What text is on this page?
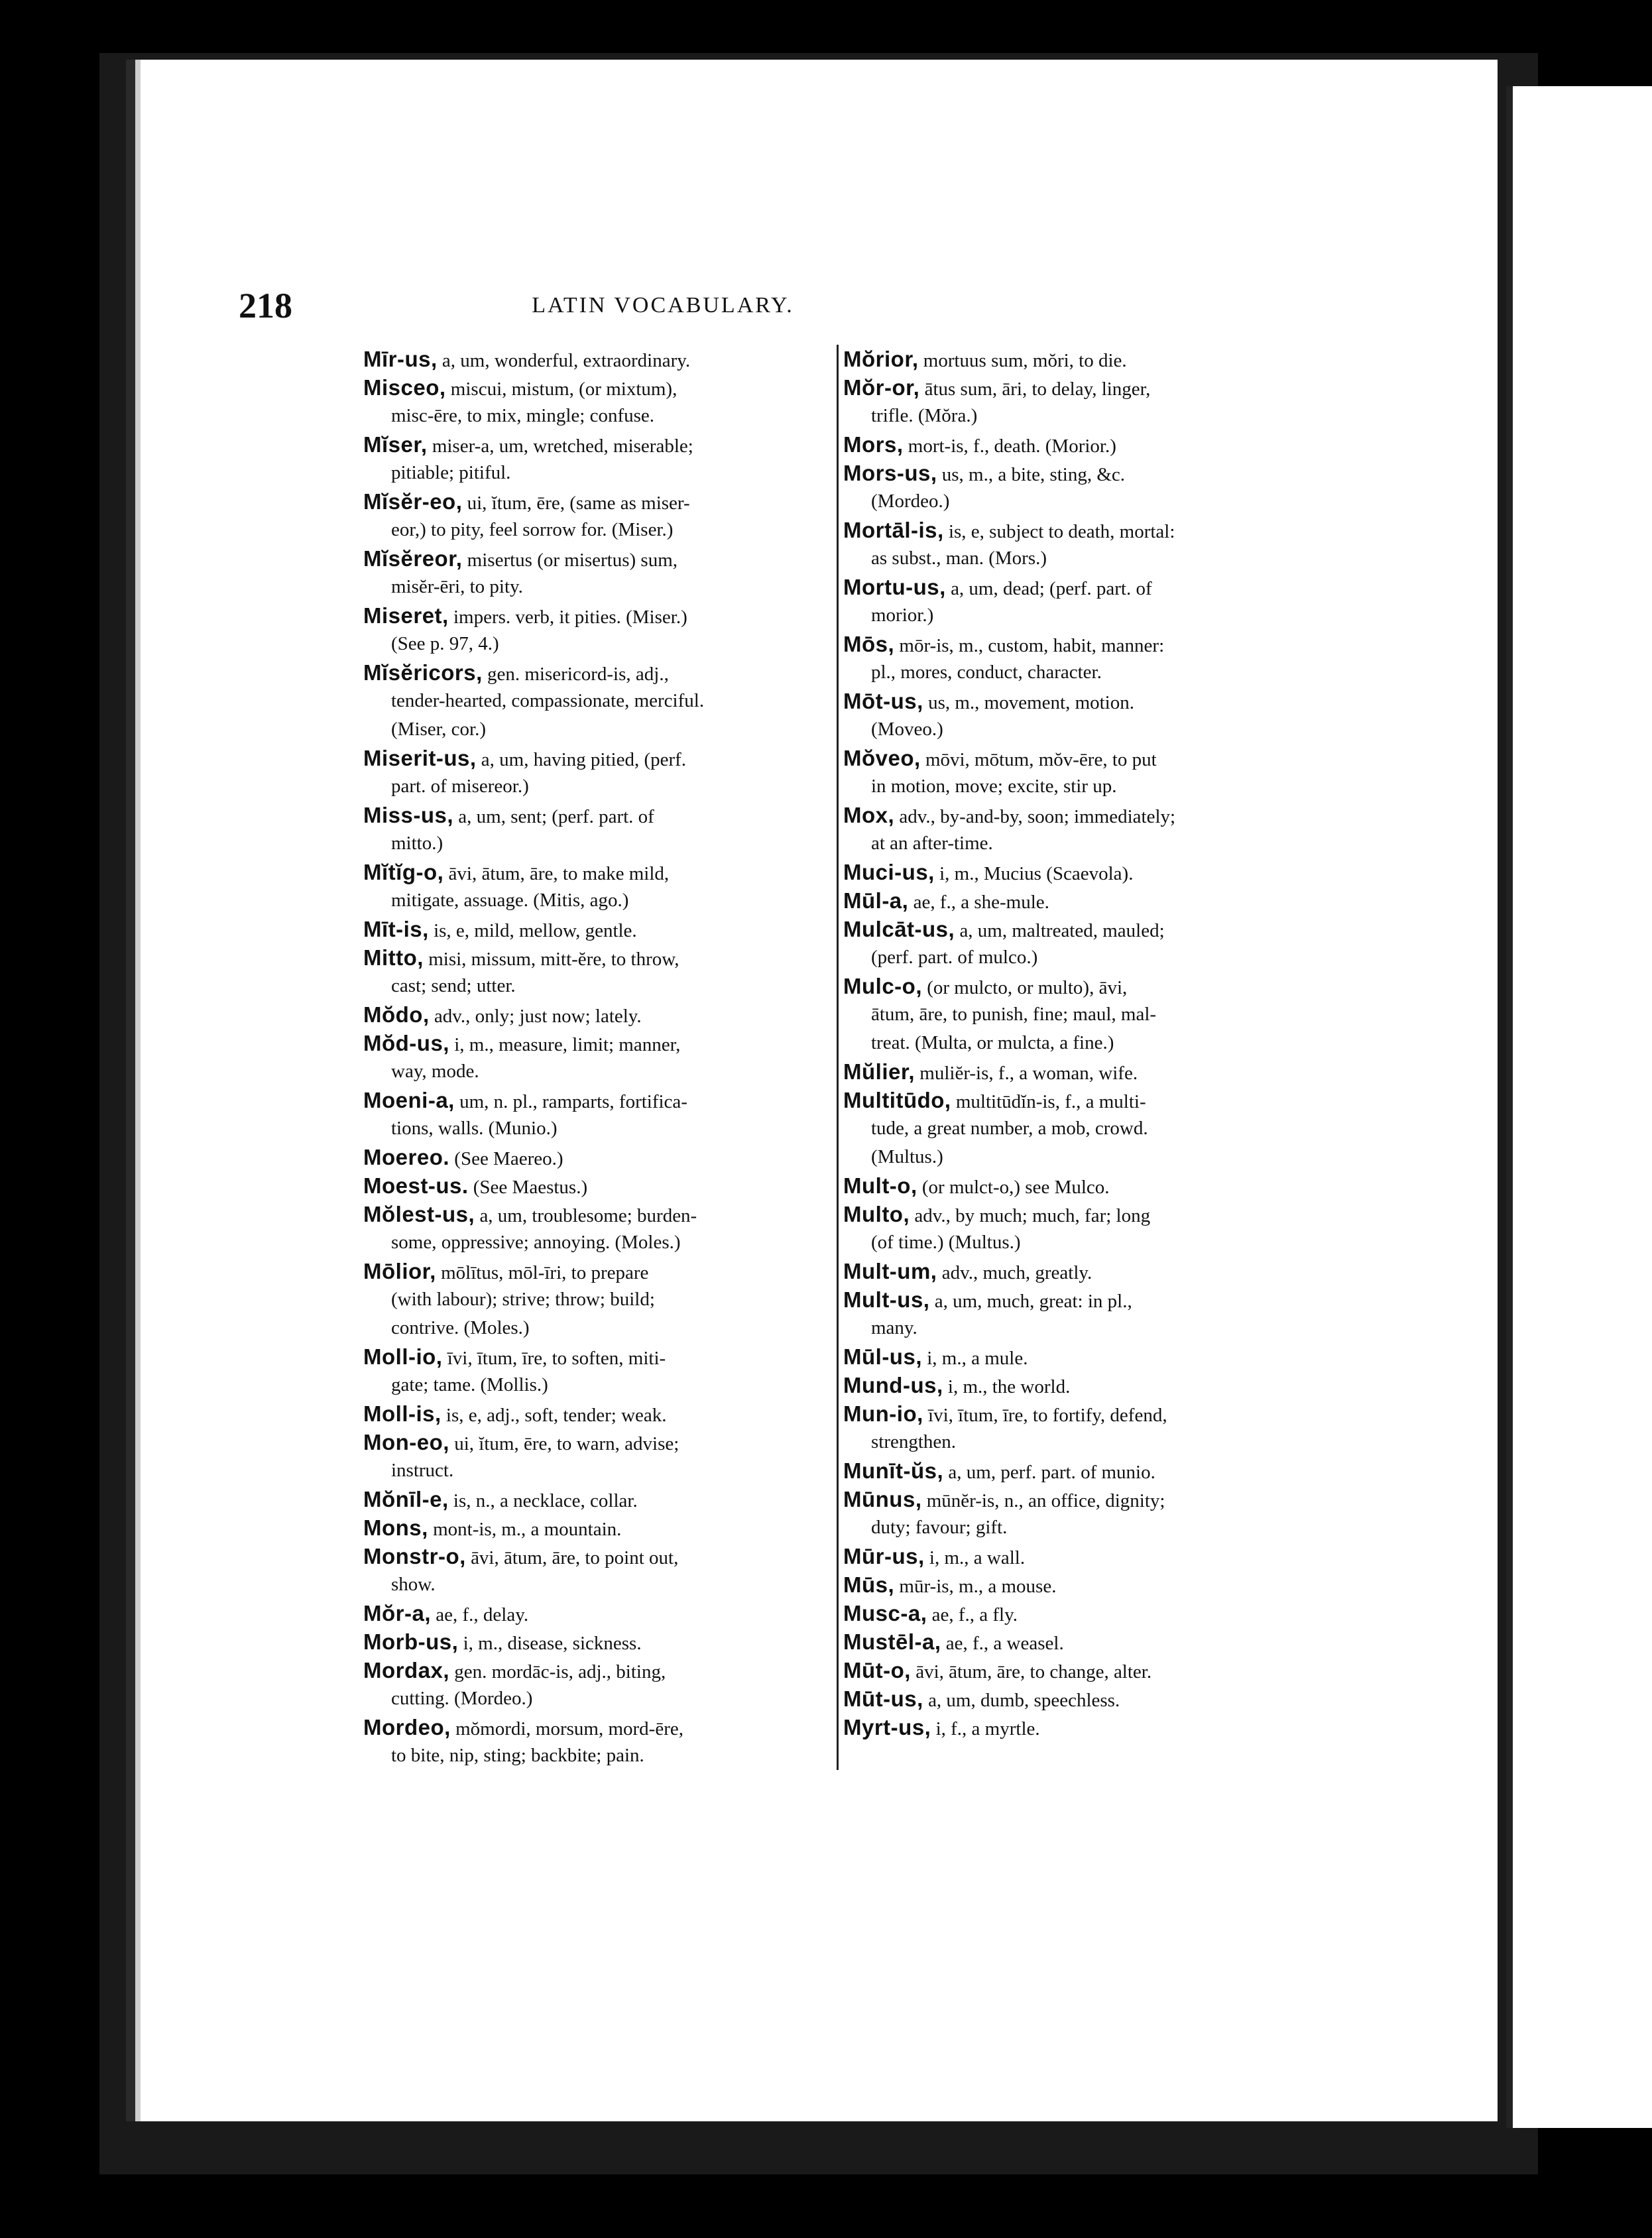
218	LATIN VOCABULARY.
Mīr-us, a, um, wonderful, extraordinary.
Misceo, miscui, mistum, (or mixtum),
misc-ēre, to mix, mingle; confuse.
Mĭser, miser-a, um, wretched, miserable;
pitiable; pitiful.
Mĭsĕr-eo, ui, ĭtum, ēre, (same as miser-
eor,) to pity, feel sorrow for. (Miser.)
Mĭsĕreor, misertus (or misertus) sum,
misĕr-ēri, to pity.
Miseret, impers. verb, it pities. (Miser.)
(See p. 97, 4.)
Mĭsĕricors, gen. misericord-is, adj.,
tender-hearted, compassionate, merciful.
(Miser, cor.)
Miserit-us, a, um, having pitied, (perf.
part. of misereor.)
Miss-us, a, um, sent; (perf. part. of
mitto.)
Mĭtĭg-o, āvi, ātum, āre, to make mild,
mitigate, assuage. (Mitis, ago.)
Mīt-is, is, e, mild, mellow, gentle.
Mitto, misi, missum, mitt-ĕre, to throw,
cast; send; utter.
Mŏdo, adv., only; just now; lately.
Mŏd-us, i, m., measure, limit; manner,
way, mode.
Moeni-a, um, n. pl., ramparts, fortifica-
tions, walls. (Munio.)
Moereo. (See Maereo.)
Moest-us. (See Maestus.)
Mŏlest-us, a, um, troublesome; burden-
some, oppressive; annoying. (Moles.)
Mōlior, mōlītus, mōl-īri, to prepare
(with labour); strive; throw; build;
contrive. (Moles.)
Moll-io, īvi, ītum, īre, to soften, miti-
gate; tame. (Mollis.)
Moll-is, is, e, adj., soft, tender; weak.
Mon-eo, ui, ĭtum, ēre, to warn, advise;
instruct.
Mŏnīl-e, is, n., a necklace, collar.
Mons, mont-is, m., a mountain.
Monstr-o, āvi, ātum, āre, to point out,
show.
Mŏr-a, ae, f., delay.
Morb-us, i, m., disease, sickness.
Mordax, gen. mordāc-is, adj., biting,
cutting. (Mordeo.)
Mordeo, mŏmordi, morsum, mord-ēre,
to bite, nip, sting; backbite; pain.
Mŏrior, mortuus sum, mŏri, to die.
Mŏr-or, ātus sum, āri, to delay, linger,
trifle. (Mŏra.)
Mors, mort-is, f., death. (Morior.)
Mors-us, us, m., a bite, sting, &c.
(Mordeo.)
Mortāl-is, is, e, subject to death, mortal:
as subst., man. (Mors.)
Mortu-us, a, um, dead; (perf. part. of
morior.)
Mōs, mōr-is, m., custom, habit, manner:
pl., mores, conduct, character.
Mōt-us, us, m., movement, motion.
(Moveo.)
Mŏveo, mōvi, mōtum, mŏv-ēre, to put
in motion, move; excite, stir up.
Mox, adv., by-and-by, soon; immediately;
at an after-time.
Muci-us, i, m., Mucius (Scaevola).
Mūl-a, ae, f., a she-mule.
Mulcāt-us, a, um, maltreated, mauled;
(perf. part. of mulco.)
Mulc-o, (or mulcto, or multo), āvi,
ātum, āre, to punish, fine; maul, mal-
treat. (Multa, or mulcta, a fine.)
Mŭlier, muliĕr-is, f., a woman, wife.
Multitūdo, multitūdĭn-is, f., a multi-
tude, a great number, a mob, crowd.
(Multus.)
Mult-o, (or mulct-o,) see Mulco.
Multo, adv., by much; much, far; long
(of time.) (Multus.)
Mult-um, adv., much, greatly.
Mult-us, a, um, much, great: in pl.,
many.
Mūl-us, i, m., a mule.
Mund-us, i, m., the world.
Mun-io, īvi, ītum, īre, to fortify, defend,
strengthen.
Munīt-ŭs, a, um, perf. part. of munio.
Mūnus, mūnĕr-is, n., an office, dignity;
duty; favour; gift.
Mūr-us, i, m., a wall.
Mūs, mūr-is, m., a mouse.
Musc-a, ae, f., a fly.
Mustēl-a, ae, f., a weasel.
Mūt-o, āvi, ātum, āre, to change, alter.
Mūt-us, a, um, dumb, speechless.
Myrt-us, i, f., a myrtle.
